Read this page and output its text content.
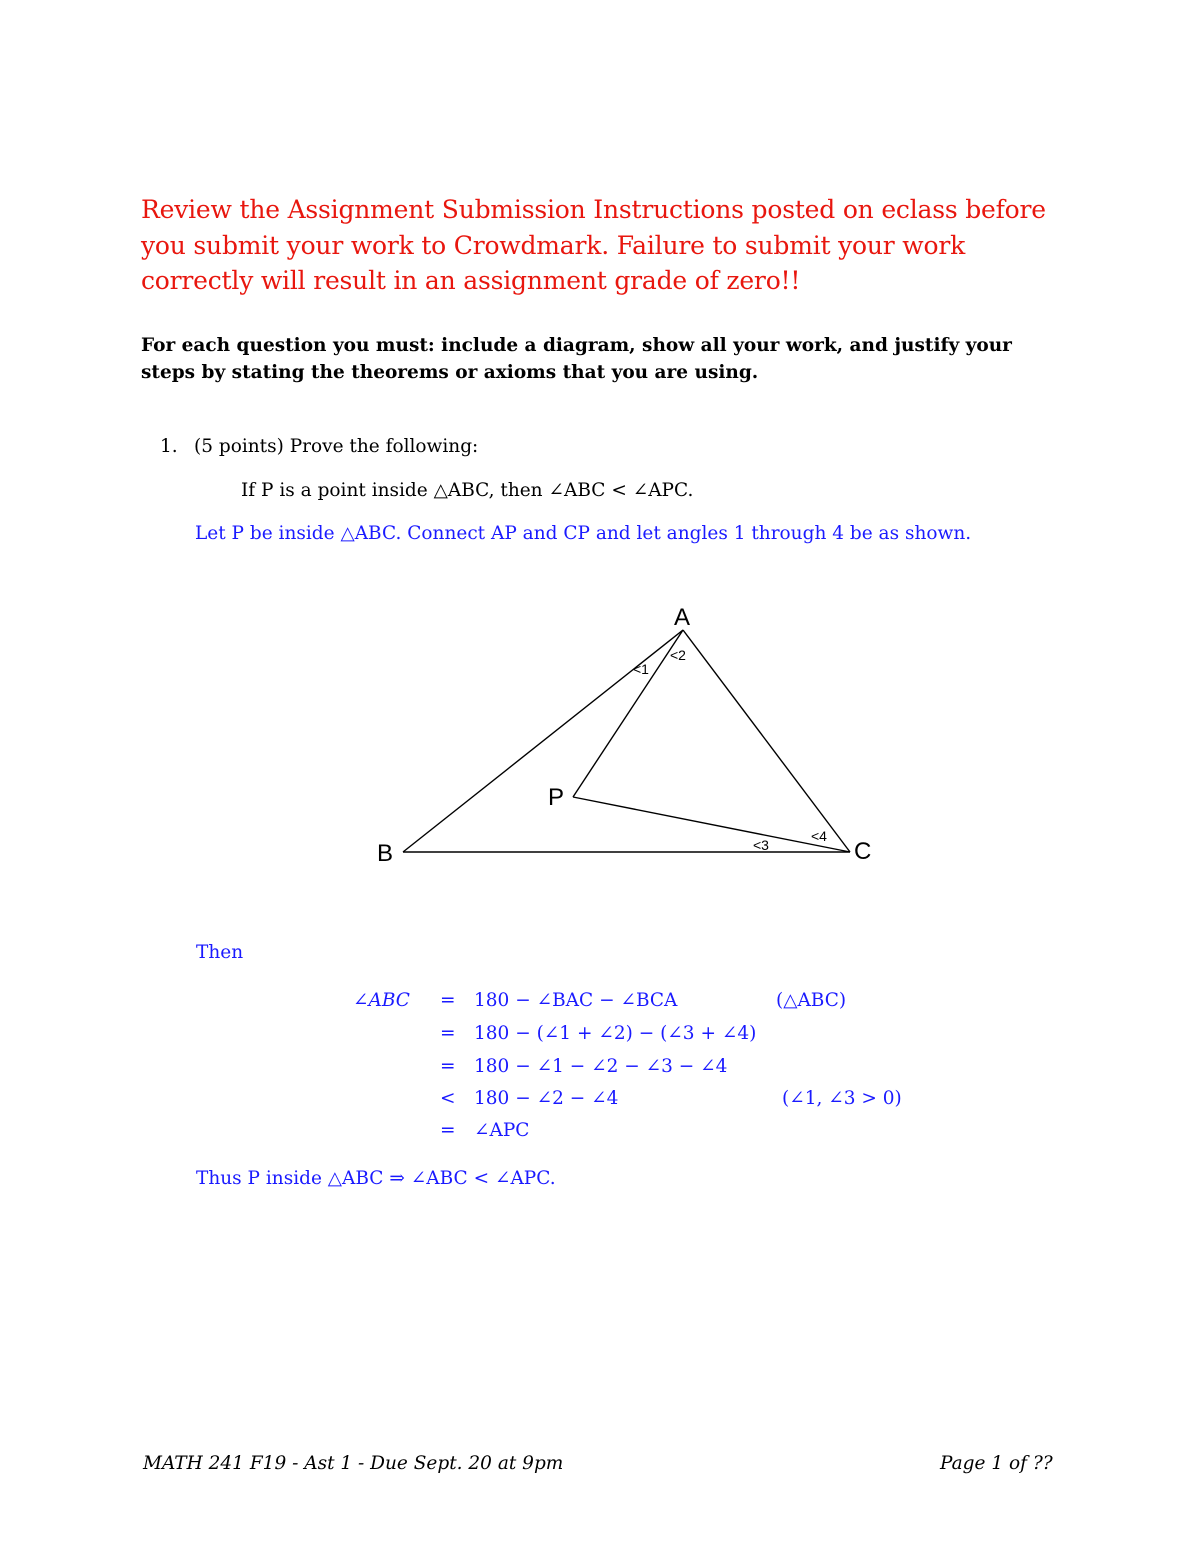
Review the Assignment Submission Instructions posted on eclass before you submit your work to Crowdmark. Failure to submit your work correctly will result in an assignment grade of zero!!
For each question you must: include a diagram, show all your work, and justify your steps by stating the theorems or axioms that you are using.
1. (5 points) Prove the following:
If P is a point inside △ABC, then ∠ABC < ∠APC.
Let P be inside △ABC. Connect AP and CP and let angles 1 through 4 be as shown.
A
B	C
P
<1
<2
<3
<4
Then
∠ABC = 180 − ∠BAC − ∠BCA	(△ABC)
= 180 − (∠1 + ∠2) − (∠3 + ∠4)
= 180 − ∠1 − ∠2 − ∠3 − ∠4
< 180 − ∠2 − ∠4	(∠1, ∠3 > 0)
= ∠APC
Thus P inside △ABC ⇒ ∠ABC < ∠APC.
MATH 241 F19 - Ast 1 - Due Sept. 20 at 9pm	Page 1 of ??
